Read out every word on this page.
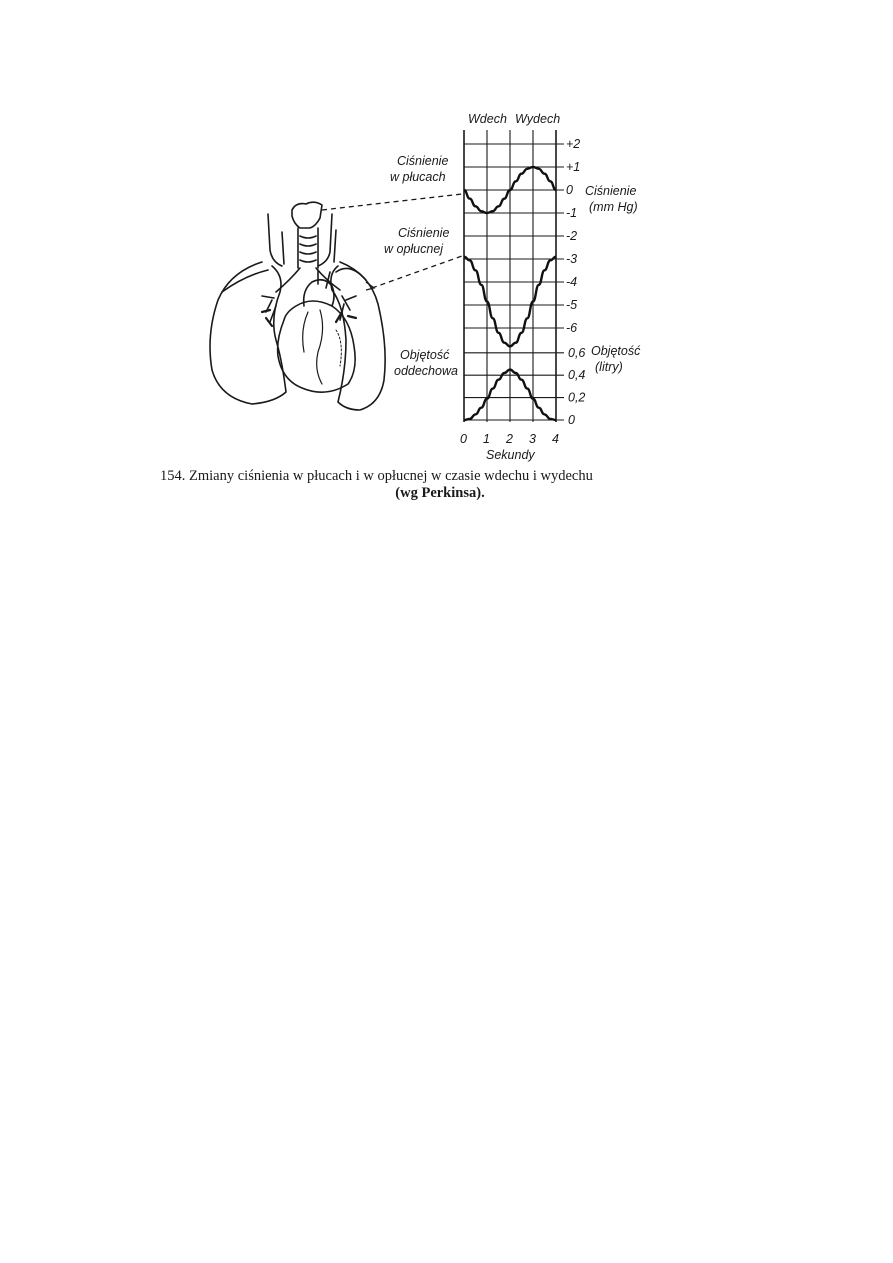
Ciśnienie
w płucach
Ciśnienie
w opłucnej
Objętość
oddechowa
Wdech Wydech
+2
+1
0
-1
-2
-3
-4
-5
-6
0,6
0,4
0,2
0
0 1 2 3 4
Ciśnienie
(mm Hg)
Objętość
(litry)
Sekundy
154. Zmiany ciśnienia w płucach i w opłucnej w czasie wdechu i wydechu
(wg Perkinsa).
